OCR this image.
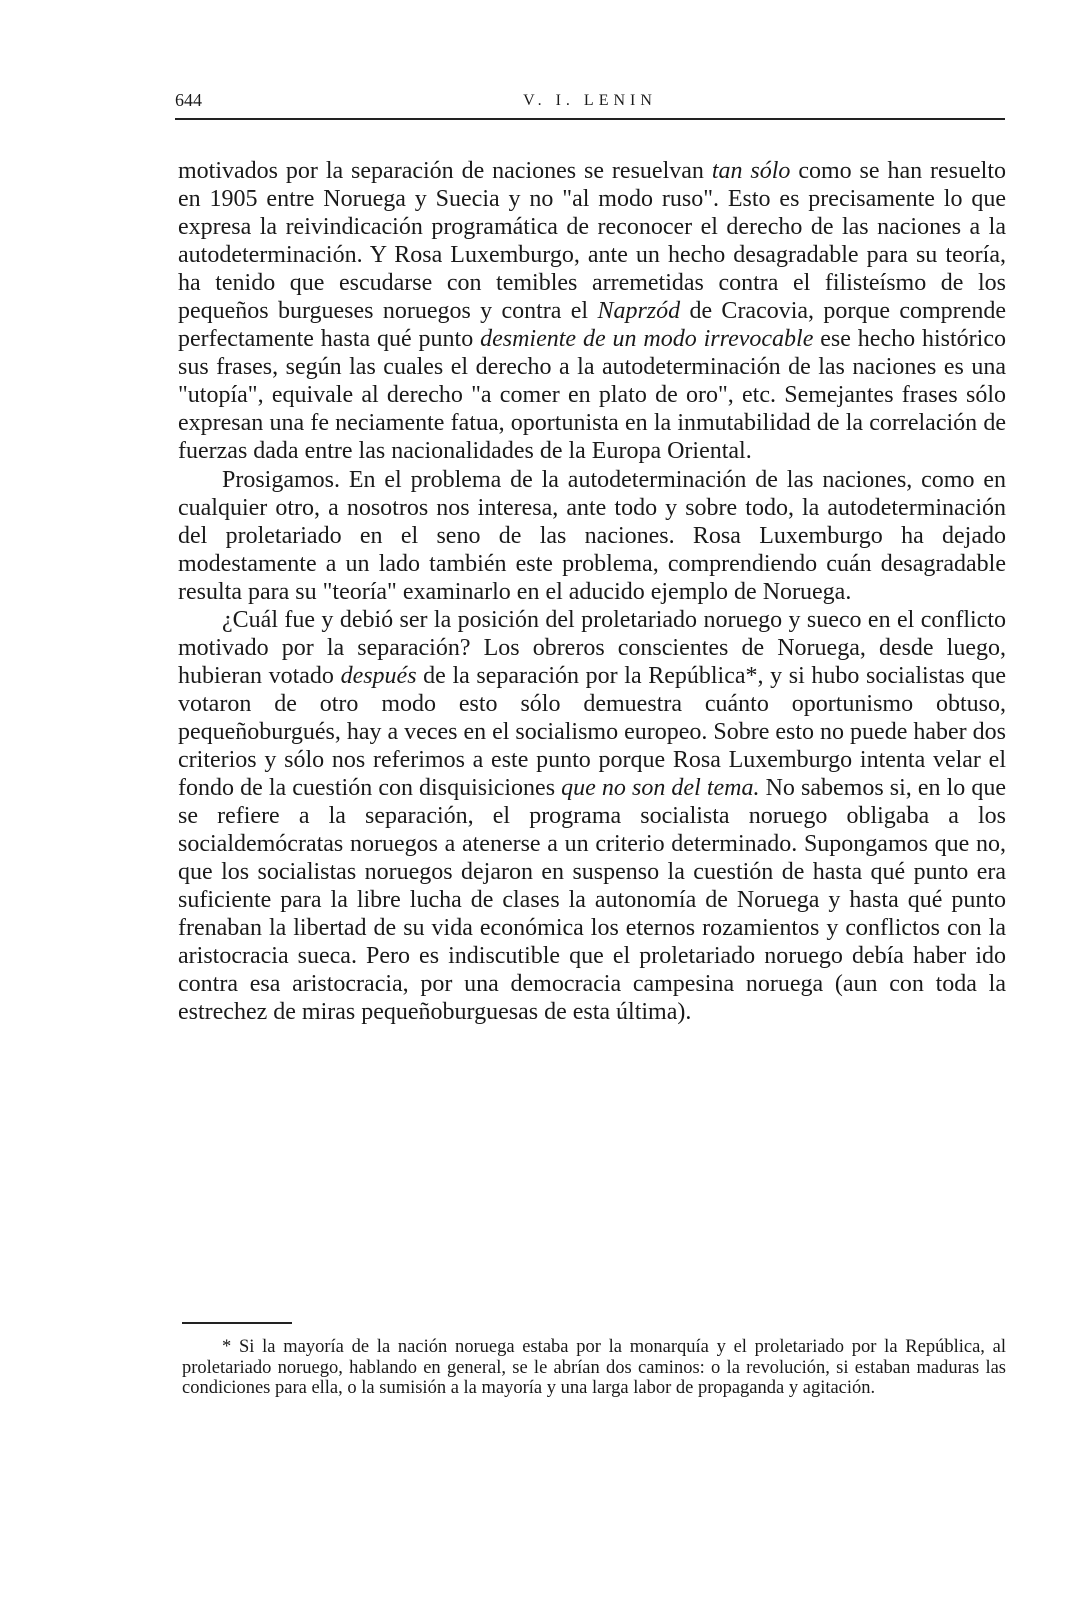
644	V. I. LENIN

motivados por la separación de naciones se resuelvan tan sólo como se han resuelto en 1905 entre Noruega y Suecia y no "al modo ruso". Esto es precisamente lo que expresa la reivindicación programática de reconocer el derecho de las naciones a la autodeterminación. Y Rosa Luxemburgo, ante un hecho desagradable para su teoría, ha tenido que escudarse con temibles arremetidas contra el filisteísmo de los pequeños burgueses noruegos y contra el Naprzód de Cracovia, porque comprende perfectamente hasta qué punto desmiente de un modo irrevocable ese hecho histórico sus frases, según las cuales el derecho a la autodeterminación de las naciones es una "utopía", equivale al derecho "a comer en plato de oro", etc. Semejantes frases sólo expresan una fe neciamente fatua, oportunista en la inmutabilidad de la correlación de fuerzas dada entre las nacionalidades de la Europa Oriental.

Prosigamos. En el problema de la autodeterminación de las naciones, como en cualquier otro, a nosotros nos interesa, ante todo y sobre todo, la autodeterminación del proletariado en el seno de las naciones. Rosa Luxemburgo ha dejado modestamente a un lado también este problema, comprendiendo cuán desagradable resulta para su "teoría" examinarlo en el aducido ejemplo de Noruega.

¿Cuál fue y debió ser la posición del proletariado noruego y sueco en el conflicto motivado por la separación? Los obreros conscientes de Noruega, desde luego, hubieran votado después de la separación por la República*, y si hubo socialistas que votaron de otro modo esto sólo demuestra cuánto oportunismo obtuso, pequeñoburgués, hay a veces en el socialismo europeo. Sobre esto no puede haber dos criterios y sólo nos referimos a este punto porque Rosa Luxemburgo intenta velar el fondo de la cuestión con disquisiciones que no son del tema. No sabemos si, en lo que se refiere a la separación, el programa socialista noruego obligaba a los socialdemócratas noruegos a atenerse a un criterio determinado. Supongamos que no, que los socialistas noruegos dejaron en suspenso la cuestión de hasta qué punto era suficiente para la libre lucha de clases la autonomía de Noruega y hasta qué punto frenaban la libertad de su vida económica los eternos rozamientos y conflictos con la aristocracia sueca. Pero es indiscutible que el proletariado noruego debía haber ido contra esa aristocracia, por una democracia campesina noruega (aun con toda la estrechez de miras pequeñoburguesas de esta última).

* Si la mayoría de la nación noruega estaba por la monarquía y el proletariado por la República, al proletariado noruego, hablando en general, se le abrían dos caminos: o la revolución, si estaban maduras las condiciones para ella, o la sumisión a la mayoría y una larga labor de propaganda y agitación.
